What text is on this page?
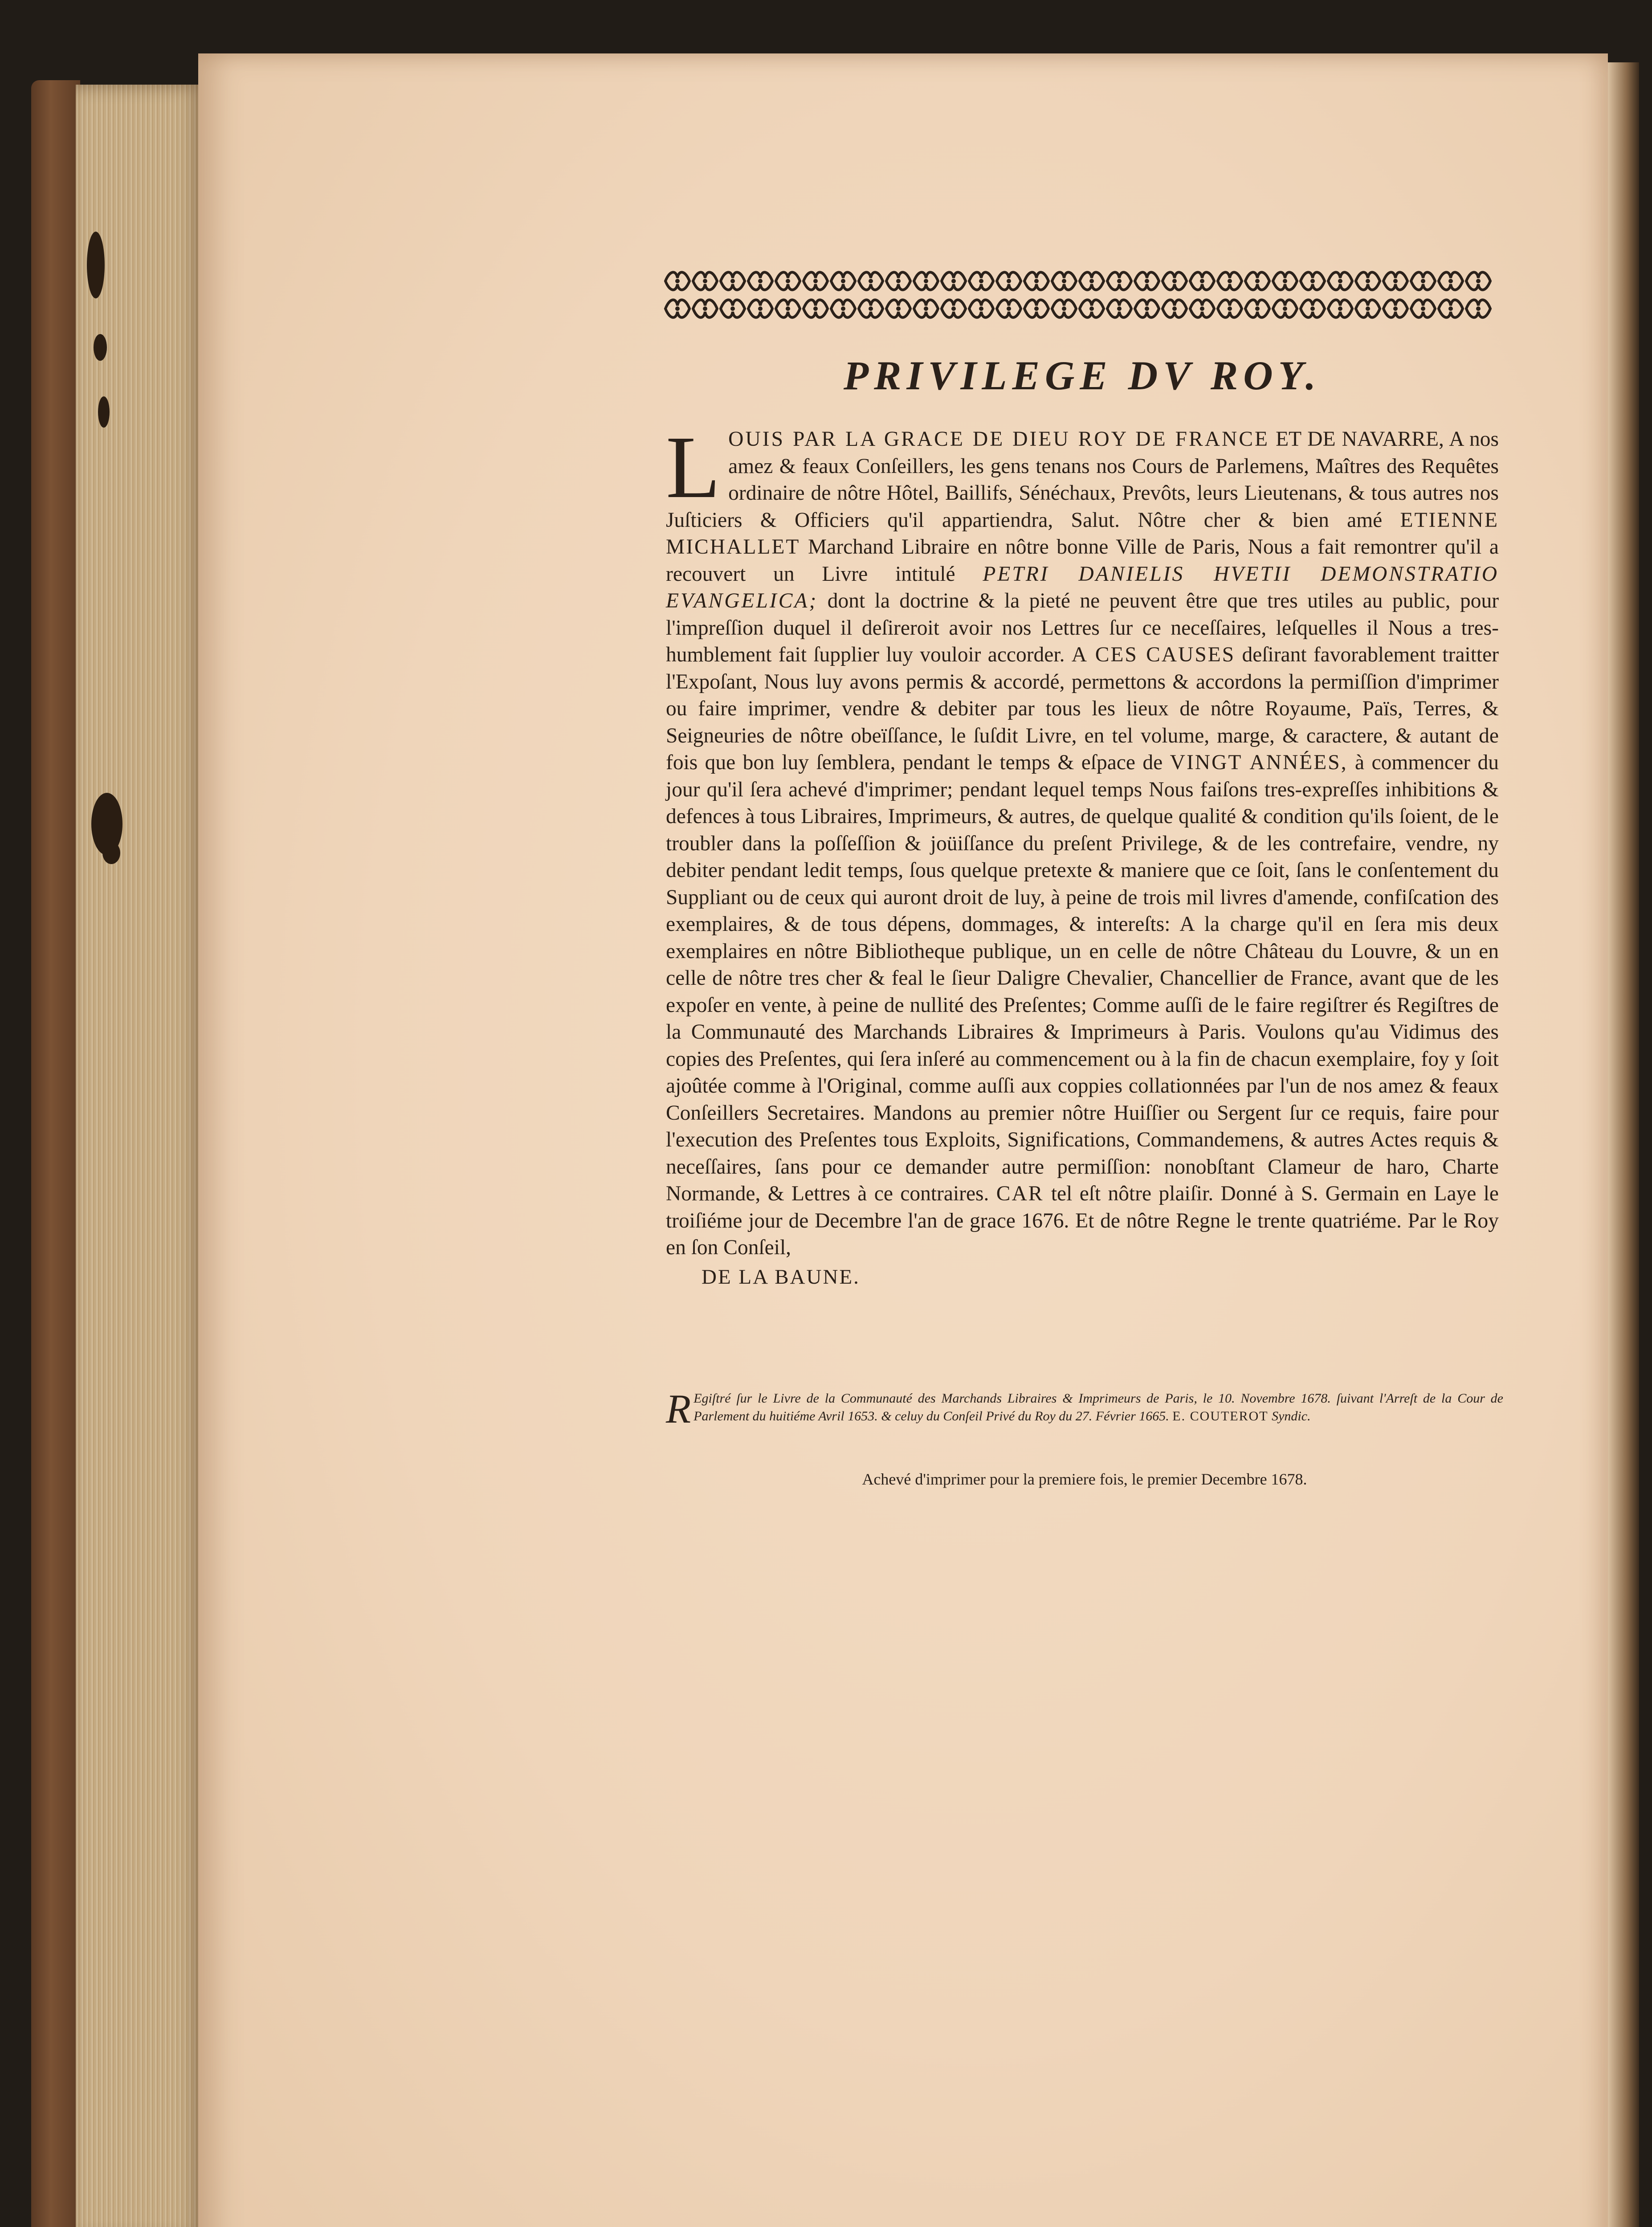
PRIVILEGE DV ROY.

L OUIS PAR LA GRACE DE DIEU ROY DE FRANCE ET DE NAVARRE, A nos amez & feaux Conſeillers, les gens tenans nos Cours de Parlemens, Maîtres des Requêtes ordinaire de nôtre Hôtel, Baillifs, Sénéchaux, Prevôts, leurs Lieutenans, & tous autres nos Juſticiers & Officiers qu'il appartiendra, Salut. Nôtre cher & bien amé ETIENNE MICHALLET Marchand Libraire en nôtre bonne Ville de Paris, Nous a fait remontrer qu'il a recouvert un Livre intitulé PETRI DANIELIS HVETII DEMONSTRATIO EVANGELICA; dont la doctrine & la pieté ne peuvent être que tres utiles au public, pour l'impreſſion duquel il deſireroit avoir nos Lettres ſur ce neceſſaires, leſquelles il Nous a tres-humblement fait ſupplier luy vouloir accorder. A CES CAUSES deſirant favorablement traitter l'Expoſant, Nous luy avons permis & accordé, permettons & accordons la permiſſion d'imprimer ou faire imprimer, vendre & debiter par tous les lieux de nôtre Royaume, Païs, Terres, & Seigneuries de nôtre obeïſſance, le ſuſdit Livre, en tel volume, marge, & caractere, & autant de fois que bon luy ſemblera, pendant le temps & eſpace de VINGT ANNÉES, à commencer du jour qu'il ſera achevé d'imprimer; pendant lequel temps Nous faiſons tres-expreſſes inhibitions & defences à tous Libraires, Imprimeurs, & autres, de quelque qualité & condition qu'ils ſoient, de le troubler dans la poſſeſſion & joüiſſance du preſent Privilege, & de les contrefaire, vendre, ny debiter pendant ledit temps, ſous quelque pretexte & maniere que ce ſoit, ſans le conſentement du Suppliant ou de ceux qui auront droit de luy, à peine de trois mil livres d'amende, confiſcation des exemplaires, & de tous dépens, dommages, & intereſts: A la charge qu'il en ſera mis deux exemplaires en nôtre Bibliotheque publique, un en celle de nôtre Château du Louvre, & un en celle de nôtre tres cher & feal le ſieur Daligre Chevalier, Chancellier de France, avant que de les expoſer en vente, à peine de nullité des Preſentes; Comme auſſi de le faire regiſtrer és Regiſtres de la Communauté des Marchands Libraires & Imprimeurs à Paris. Voulons qu'au Vidimus des copies des Preſentes, qui ſera inſeré au commencement ou à la fin de chacun exemplaire, foy y ſoit ajoûtée comme à l'Original, comme auſſi aux coppies collationnées par l'un de nos amez & feaux Conſeillers Secretaires. Mandons au premier nôtre Huiſſier ou Sergent ſur ce requis, faire pour l'execution des Preſentes tous Exploits, Significations, Commandemens, & autres Actes requis & neceſſaires, ſans pour ce demander autre permiſſion: nonobſtant Clameur de haro, Charte Normande, & Lettres à ce contraires. CAR tel eſt nôtre plaiſir. Donné à S. Germain en Laye le troiſiéme jour de Decembre l'an de grace 1676. Et de nôtre Regne le trente quatriéme. Par le Roy en ſon Conſeil,

DE LA BAUNE.
R Egiſtré ſur le Livre de la Communauté des Marchands Libraires & Imprimeurs de Paris, le 10. Novembre 1678. ſuivant l'Arreſt de la Cour de Parlement du huitiéme Avril 1653. & celuy du Conſeil Privé du Roy du 27. Février 1665. E. COUTEROT Syndic.
Achevé d'imprimer pour la premiere fois, le premier Decembre 1678.
